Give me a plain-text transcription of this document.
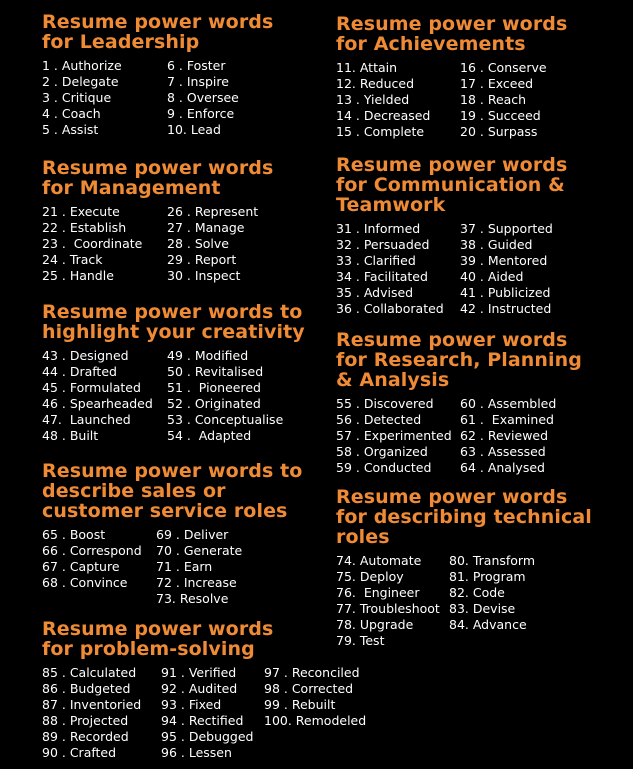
Resume power words
for Leadership
1 . Authorize
2 . Delegate
3 . Critique
4 . Coach
5 . Assist
6 . Foster
7 . Inspire
8 . Oversee
9 . Enforce
10. Lead
Resume power words
for Management
21 . Execute
22 . Establish
23 .  Coordinate
24 . Track
25 . Handle
26 . Represent
27 . Manage
28 . Solve
29 . Report
30 . Inspect
Resume power words to
highlight your creativity
43 . Designed
44 . Drafted
45 . Formulated
46 . Spearheaded
47.  Launched
48 . Built
49 . Modified
50 . Revitalised
51 .  Pioneered
52 . Originated
53 . Conceptualise
54 .  Adapted
Resume power words to
describe sales or
customer service roles
65 . Boost
66 . Correspond
67 . Capture
68 . Convince
69 . Deliver
70 . Generate
71 . Earn
72 . Increase
73. Resolve
Resume power words
for problem-solving
85 . Calculated
86 . Budgeted
87 . Inventoried
88 . Projected
89 . Recorded
90 . Crafted
91 . Verified
92 . Audited
93 . Fixed
94 . Rectified
95 . Debugged
96 . Lessen
97 . Reconciled
98 . Corrected
99 . Rebuilt
100. Remodeled
Resume power words
for Achievements
11. Attain
12. Reduced
13 . Yielded
14 . Decreased
15 . Complete
16 . Conserve
17 . Exceed
18 . Reach
19 . Succeed
20 . Surpass
Resume power words
for Communication &
Teamwork
31 . Informed
32 . Persuaded
33 . Clarified
34 . Facilitated
35 . Advised
36 . Collaborated
37 . Supported
38 . Guided
39 . Mentored
40 . Aided
41 . Publicized
42 . Instructed
Resume power words
for Research, Planning
& Analysis
55 . Discovered
56 . Detected
57 . Experimented
58 . Organized
59 . Conducted
60 . Assembled
61 .  Examined
62 . Reviewed
63 . Assessed
64 . Analysed
Resume power words
for describing technical
roles
74. Automate
75. Deploy
76.  Engineer
77. Troubleshoot
78. Upgrade
79. Test
80. Transform
81. Program
82. Code
83. Devise
84. Advance
